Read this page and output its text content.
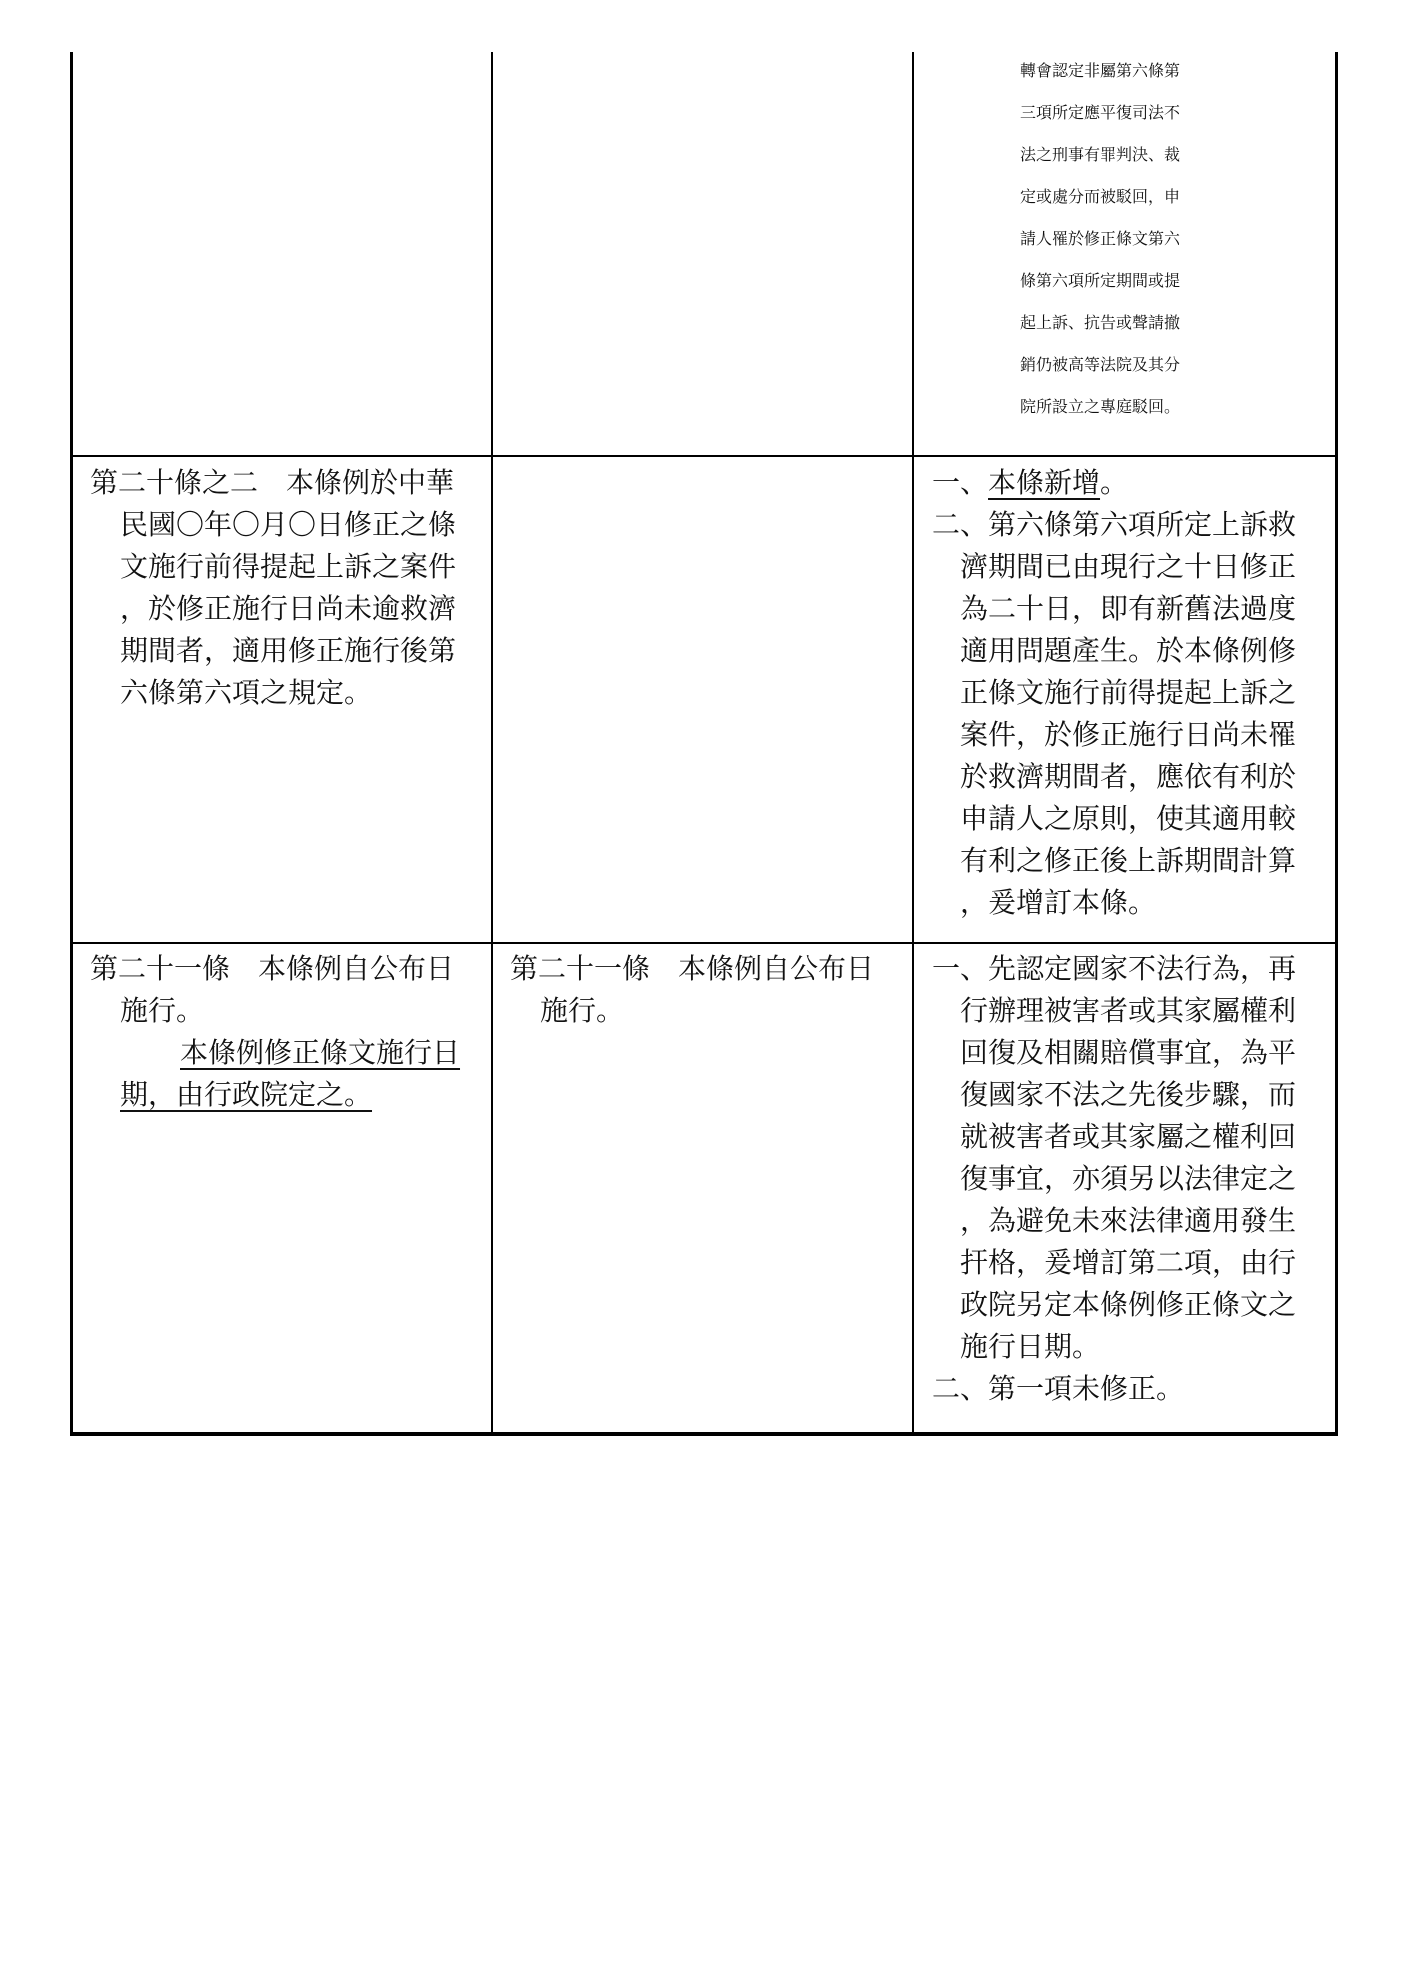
轉會認定非屬第六條第
三項所定應平復司法不
法之刑事有罪判決、裁
定或處分而被駁回，申
請人罹於修正條文第六
條第六項所定期間或提
起上訴、抗告或聲請撤
銷仍被高等法院及其分
院所設立之專庭駁回。
第二十條之二　本條例於中華
民國〇年〇月〇日修正之條
文施行前得提起上訴之案件
，於修正施行日尚未逾救濟
期間者，適用修正施行後第
六條第六項之規定。
一、本條新增。
二、第六條第六項所定上訴救
濟期間已由現行之十日修正
為二十日，即有新舊法過度
適用問題產生。於本條例修
正條文施行前得提起上訴之
案件，於修正施行日尚未罹
於救濟期間者，應依有利於
申請人之原則，使其適用較
有利之修正後上訴期間計算
，爰增訂本條。
第二十一條　本條例自公布日
施行。
本條例修正條文施行日
期，由行政院定之。
第二十一條　本條例自公布日
施行。
一、先認定國家不法行為，再
行辦理被害者或其家屬權利
回復及相關賠償事宜，為平
復國家不法之先後步驟，而
就被害者或其家屬之權利回
復事宜，亦須另以法律定之
，為避免未來法律適用發生
扞格，爰增訂第二項，由行
政院另定本條例修正條文之
施行日期。
二、第一項未修正。
